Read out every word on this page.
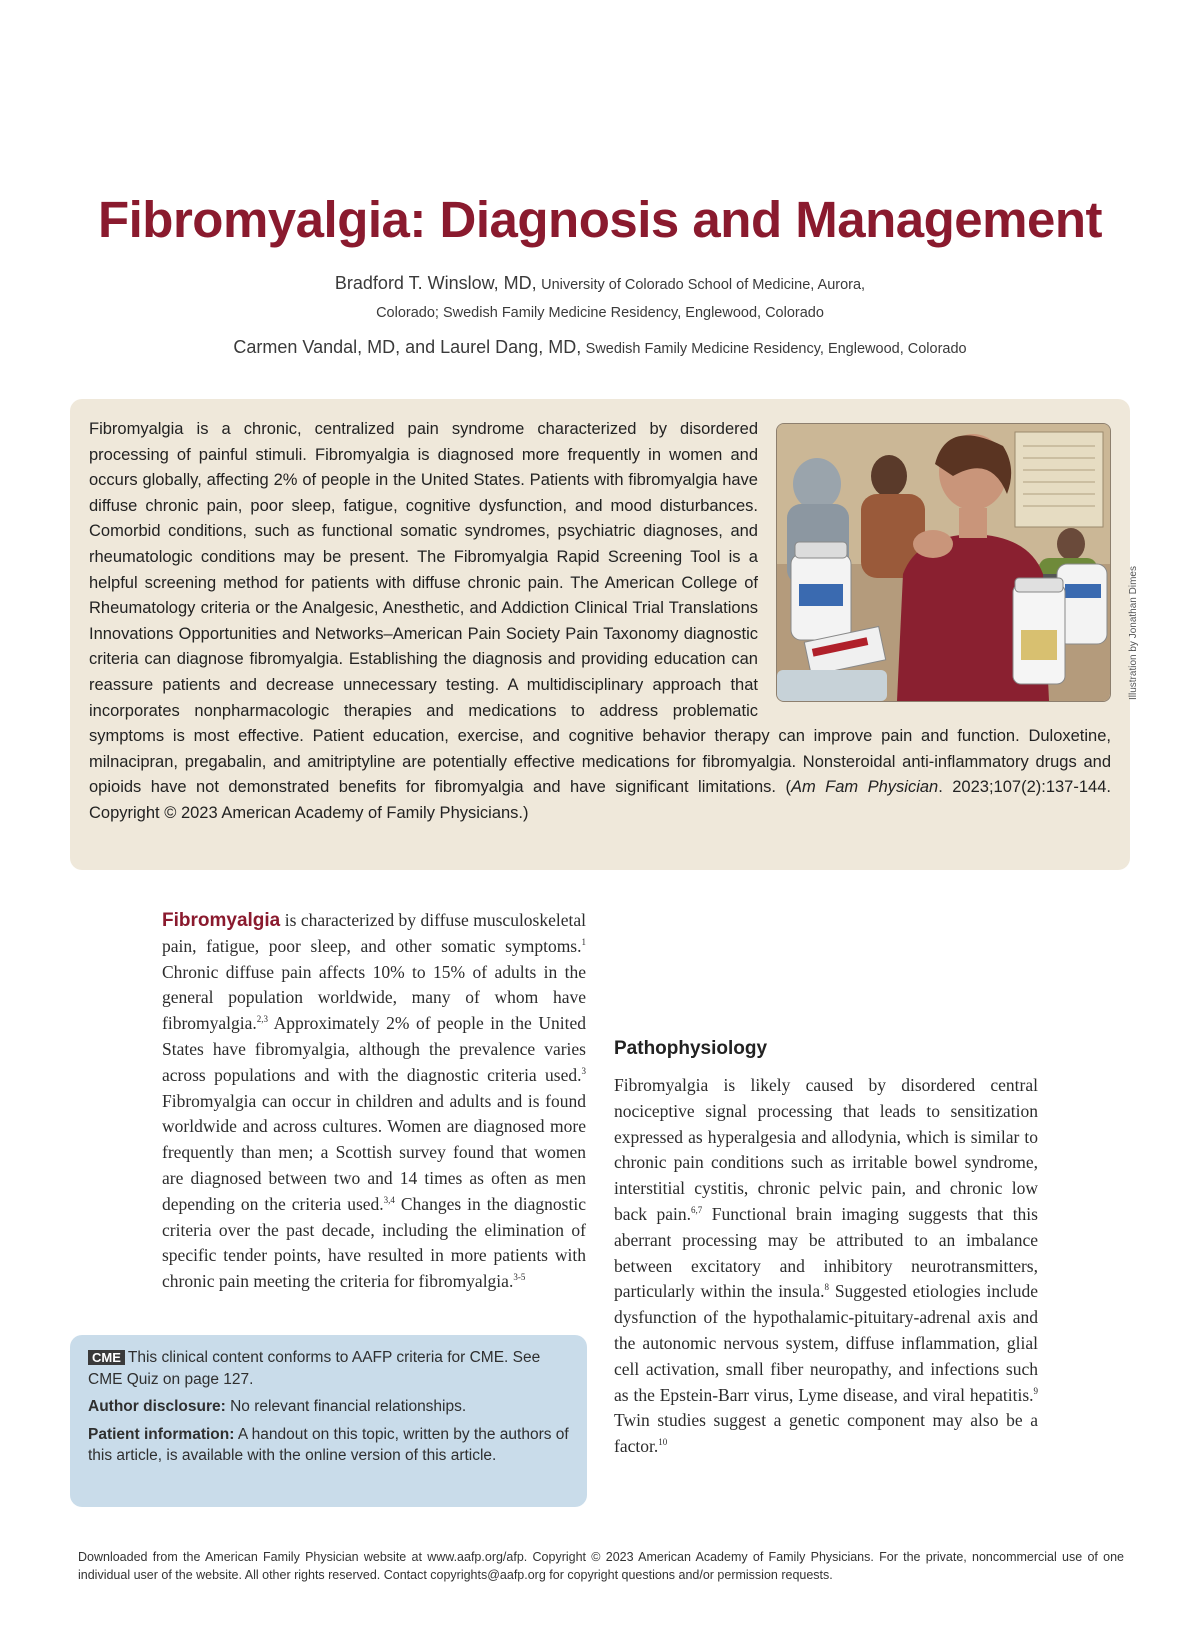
Fibromyalgia: Diagnosis and Management

Bradford T. Winslow, MD, University of Colorado School of Medicine, Aurora,

Colorado; Swedish Family Medicine Residency, Englewood, Colorado

Carmen Vandal, MD, and Laurel Dang, MD, Swedish Family Medicine Residency, Englewood, Colorado

Fibromyalgia is a chronic, centralized pain syndrome characterized by disordered processing of painful stimuli. Fibromyalgia is diagnosed more frequently in women and occurs globally, affecting 2% of people in the United States. Patients with fibromyalgia have diffuse chronic pain, poor sleep, fatigue, cognitive dysfunction, and mood disturbances. Comorbid conditions, such as functional somatic syndromes, psychiatric diagnoses, and rheumatologic conditions may be present. The Fibromyalgia Rapid Screening Tool is a helpful screening method for patients with diffuse chronic pain. The American College of Rheumatology criteria or the Analgesic, Anesthetic, and Addiction Clinical Trial Translations Innovations Opportunities and Networks–American Pain Society Pain Taxonomy diagnostic criteria can diagnose fibromyalgia. Establishing the diagnosis and providing education can reassure patients and decrease unnecessary testing. A multidisciplinary approach that incorporates nonpharmacologic therapies and medications to address problematic symptoms is most effective. Patient education, exercise, and cognitive behavior therapy can improve pain and function. Duloxetine, milnacipran, pregabalin, and amitriptyline are potentially effective medications for fibromyalgia. Nonsteroidal anti-inflammatory drugs and opioids have not demonstrated benefits for fibromyalgia and have significant limitations. (Am Fam Physician. 2023;107(2):137-144. Copyright © 2023 American Academy of Family Physicians.)

Illustration by Jonathan Dimes

Fibromyalgia is characterized by diffuse musculoskeletal pain, fatigue, poor sleep, and other somatic symptoms.$^1$ Chronic diffuse pain affects 10% to 15% of adults in the general population worldwide, many of whom have fibromyalgia.$^{2,3}$ Approximately 2% of people in the United States have fibromyalgia, although the prevalence varies across populations and with the diagnostic criteria used.$^3$ Fibromyalgia can occur in children and adults and is found worldwide and across cultures. Women are diagnosed more frequently than men; a Scottish survey found that women are diagnosed between two and 14 times as often as men depending on the criteria used.$^{3,4}$ Changes in the diagnostic criteria over the past decade, including the elimination of specific tender points, have resulted in more patients with chronic pain meeting the criteria for fibromyalgia.$^{3-5}$

Pathophysiology

Fibromyalgia is likely caused by disordered central nociceptive signal processing that leads to sensitization expressed as hyperalgesia and allodynia, which is similar to chronic pain conditions such as irritable bowel syndrome, interstitial cystitis, chronic pelvic pain, and chronic low back pain.$^{6,7}$ Functional brain imaging suggests that this aberrant processing may be attributed to an imbalance between excitatory and inhibitory neurotransmitters, particularly within the insula.$^8$ Suggested etiologies include dysfunction of the hypothalamic-pituitary-adrenal axis and the autonomic nervous system, diffuse inflammation, glial cell activation, small fiber neuropathy, and infections such as the Epstein-Barr virus, Lyme disease, and viral hepatitis.$^9$ Twin studies suggest a genetic component may also be a factor.$^{10}$

CME This clinical content conforms to AAFP criteria for CME. See CME Quiz on page 127.

Author disclosure: No relevant financial relationships.

Patient information: A handout on this topic, written by the authors of this article, is available with the online version of this article.

Downloaded from the American Family Physician website at www.aafp.org/afp. Copyright © 2023 American Academy of Family Physicians. For the private, noncommercial use of one individual user of the website. All other rights reserved. Contact copyrights@aafp.org for copyright questions and/or permission requests.
